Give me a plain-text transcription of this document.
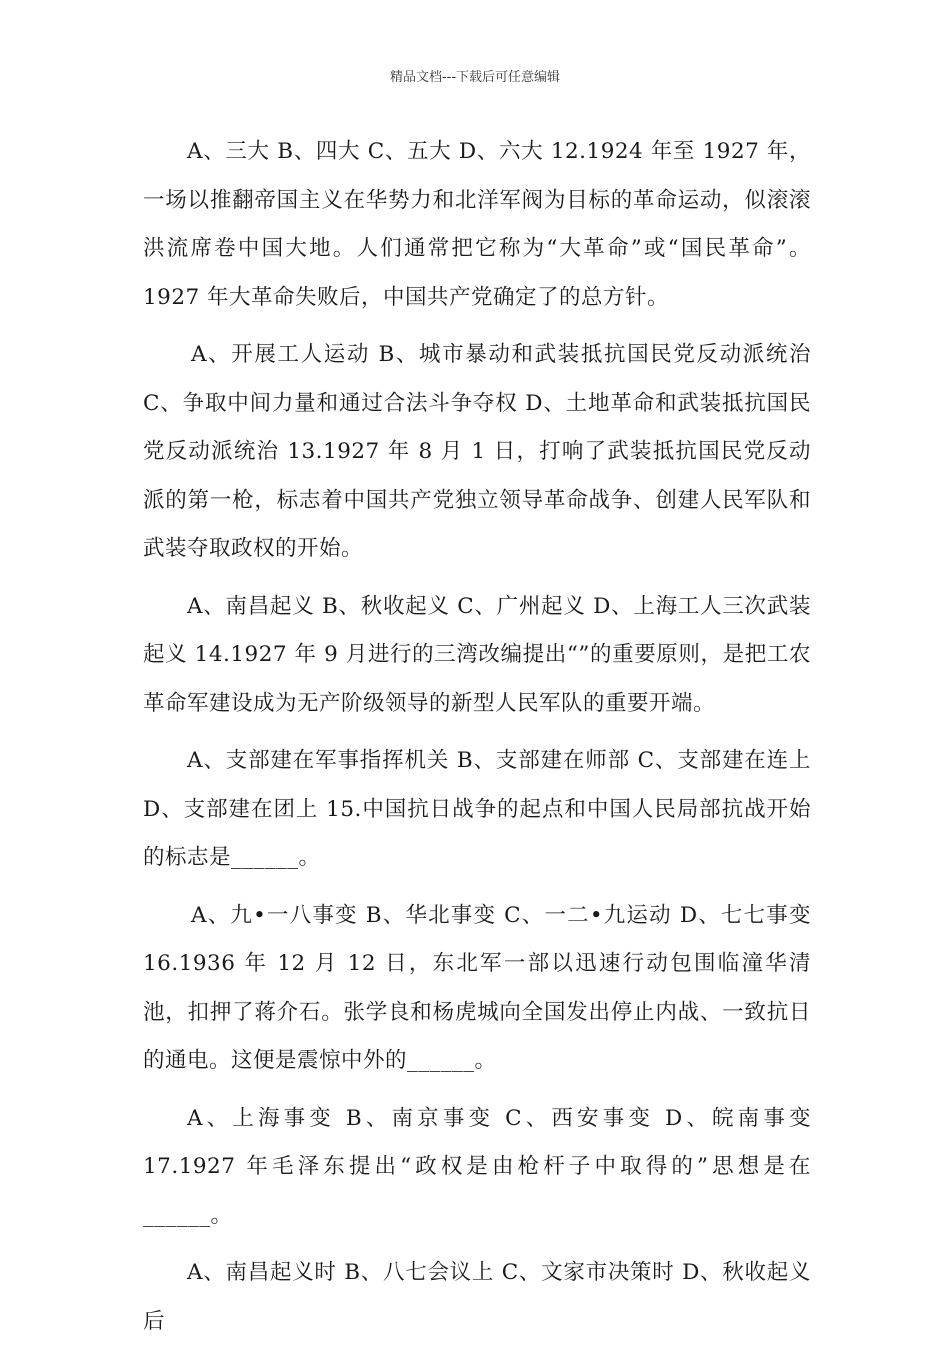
精品文档---下载后可任意编辑

A、三大 B、四大 C、五大 D、六大 12.1924 年至 1927 年，一场以推翻帝国主义在华势力和北洋军阀为目标的革命运动，似滚滚洪流席卷中国大地。人们通常把它称为“大革命”或“国民革命”。1927 年大革命失败后，中国共产党确定了的总方针。

A、开展工人运动 B、城市暴动和武装抵抗国民党反动派统治 C、争取中间力量和通过合法斗争夺权 D、土地革命和武装抵抗国民党反动派统治 13.1927 年 8 月 1 日，打响了武装抵抗国民党反动派的第一枪，标志着中国共产党独立领导革命战争、创建人民军队和武装夺取政权的开始。

A、南昌起义 B、秋收起义 C、广州起义 D、上海工人三次武装起义 14.1927 年 9 月进行的三湾改编提出“”的重要原则，是把工农革命军建设成为无产阶级领导的新型人民军队的重要开端。

A、支部建在军事指挥机关 B、支部建在师部 C、支部建在连上 D、支部建在团上 15.中国抗日战争的起点和中国人民局部抗战开始的标志是______。

A、九•一八事变 B、华北事变 C、一二•九运动 D、七七事变 16.1936 年 12 月 12 日，东北军一部以迅速行动包围临潼华清池，扣押了蒋介石。张学良和杨虎城向全国发出停止内战、一致抗日的通电。这便是震惊中外的______。

A、上海事变 B、南京事变 C、西安事变 D、皖南事变 17.1927 年毛泽东提出“政权是由枪杆子中取得的”思想是在______。

A、南昌起义时 B、八七会议上 C、文家市决策时 D、秋收起义后
